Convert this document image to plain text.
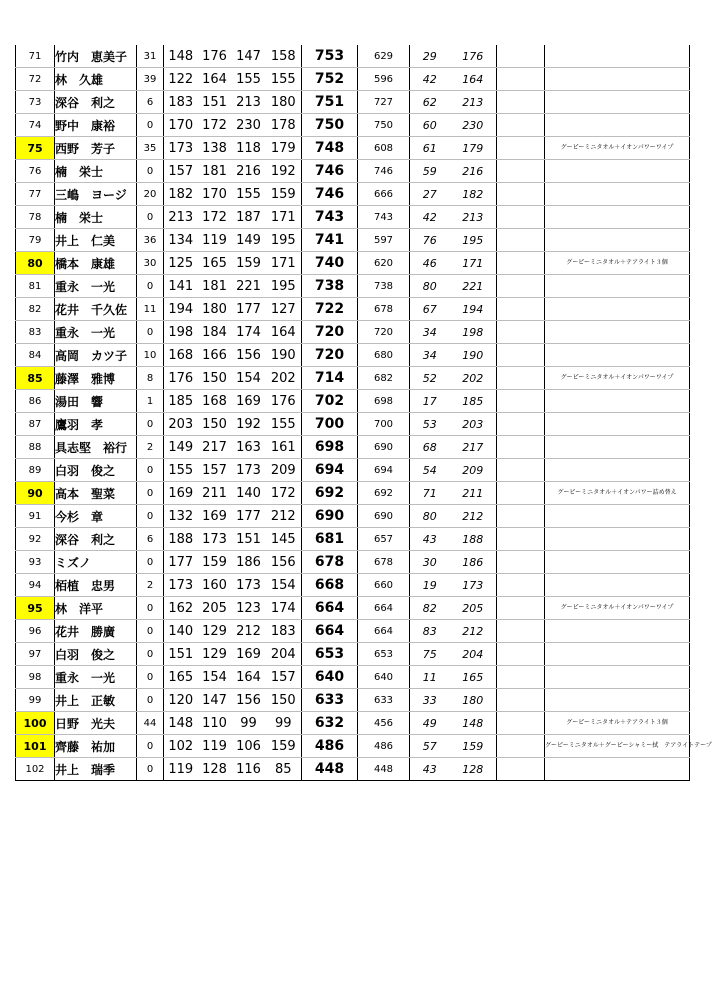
71	竹内　恵美子	31	148	176	147	158	753	629	29	176		
72	林　久雄	39	122	164	155	155	752	596	42	164		
73	深谷　利之	6	183	151	213	180	751	727	62	213		
74	野中　康裕	0	170	172	230	178	750	750	60	230		
75	西野　芳子	35	173	138	118	179	748	608	61	179		グーピーミニタオル＋イオンパワーワイプ
76	楠　栄士	0	157	181	216	192	746	746	59	216		
77	三嶋　ヨージ	20	182	170	155	159	746	666	27	182		
78	楠　栄士	0	213	172	187	171	743	743	42	213		
79	井上　仁美	36	134	119	149	195	741	597	76	195		
80	橋本　康雄	30	125	165	159	171	740	620	46	171		グーピーミニタオル＋テアライト３個
81	重永　一光	0	141	181	221	195	738	738	80	221		
82	花井　千久佐	11	194	180	177	127	722	678	67	194		
83	重永　一光	0	198	184	174	164	720	720	34	198		
84	高岡　カツ子	10	168	166	156	190	720	680	34	190		
85	藤澤　雅博	8	176	150	154	202	714	682	52	202		グーピーミニタオル＋イオンパワーワイプ
86	湯田　響	1	185	168	169	176	702	698	17	185		
87	鷹羽　孝	0	203	150	192	155	700	700	53	203		
88	具志堅　裕行	2	149	217	163	161	698	690	68	217		
89	白羽　俊之	0	155	157	173	209	694	694	54	209		
90	高本　聖菜	0	169	211	140	172	692	692	71	211		グーピーミニタオル＋イオンパワー詰め替え
91	今杉　章	0	132	169	177	212	690	690	80	212		
92	深谷　利之	6	188	173	151	145	681	657	43	188		
93	ミズノ	0	177	159	186	156	678	678	30	186		
94	栢植　忠男	2	173	160	173	154	668	660	19	173		
95	林　洋平	0	162	205	123	174	664	664	82	205		グーピーミニタオル＋イオンパワーワイプ
96	花井　勝廣	0	140	129	212	183	664	664	83	212		
97	白羽　俊之	0	151	129	169	204	653	653	75	204		
98	重永　一光	0	165	154	164	157	640	640	11	165		
99	井上　正敏	0	120	147	156	150	633	633	33	180		
100	日野　光夫	44	148	110	99	99	632	456	49	148		グーピーミニタオル＋テアライト３個
101	齊藤　祐加	0	102	119	106	159	486	486	57	159		グーピーミニタオル＋グーピーシャミー拭　テアライトテープ
102	井上　瑞季	0	119	128	116	85	448	448	43	128		
